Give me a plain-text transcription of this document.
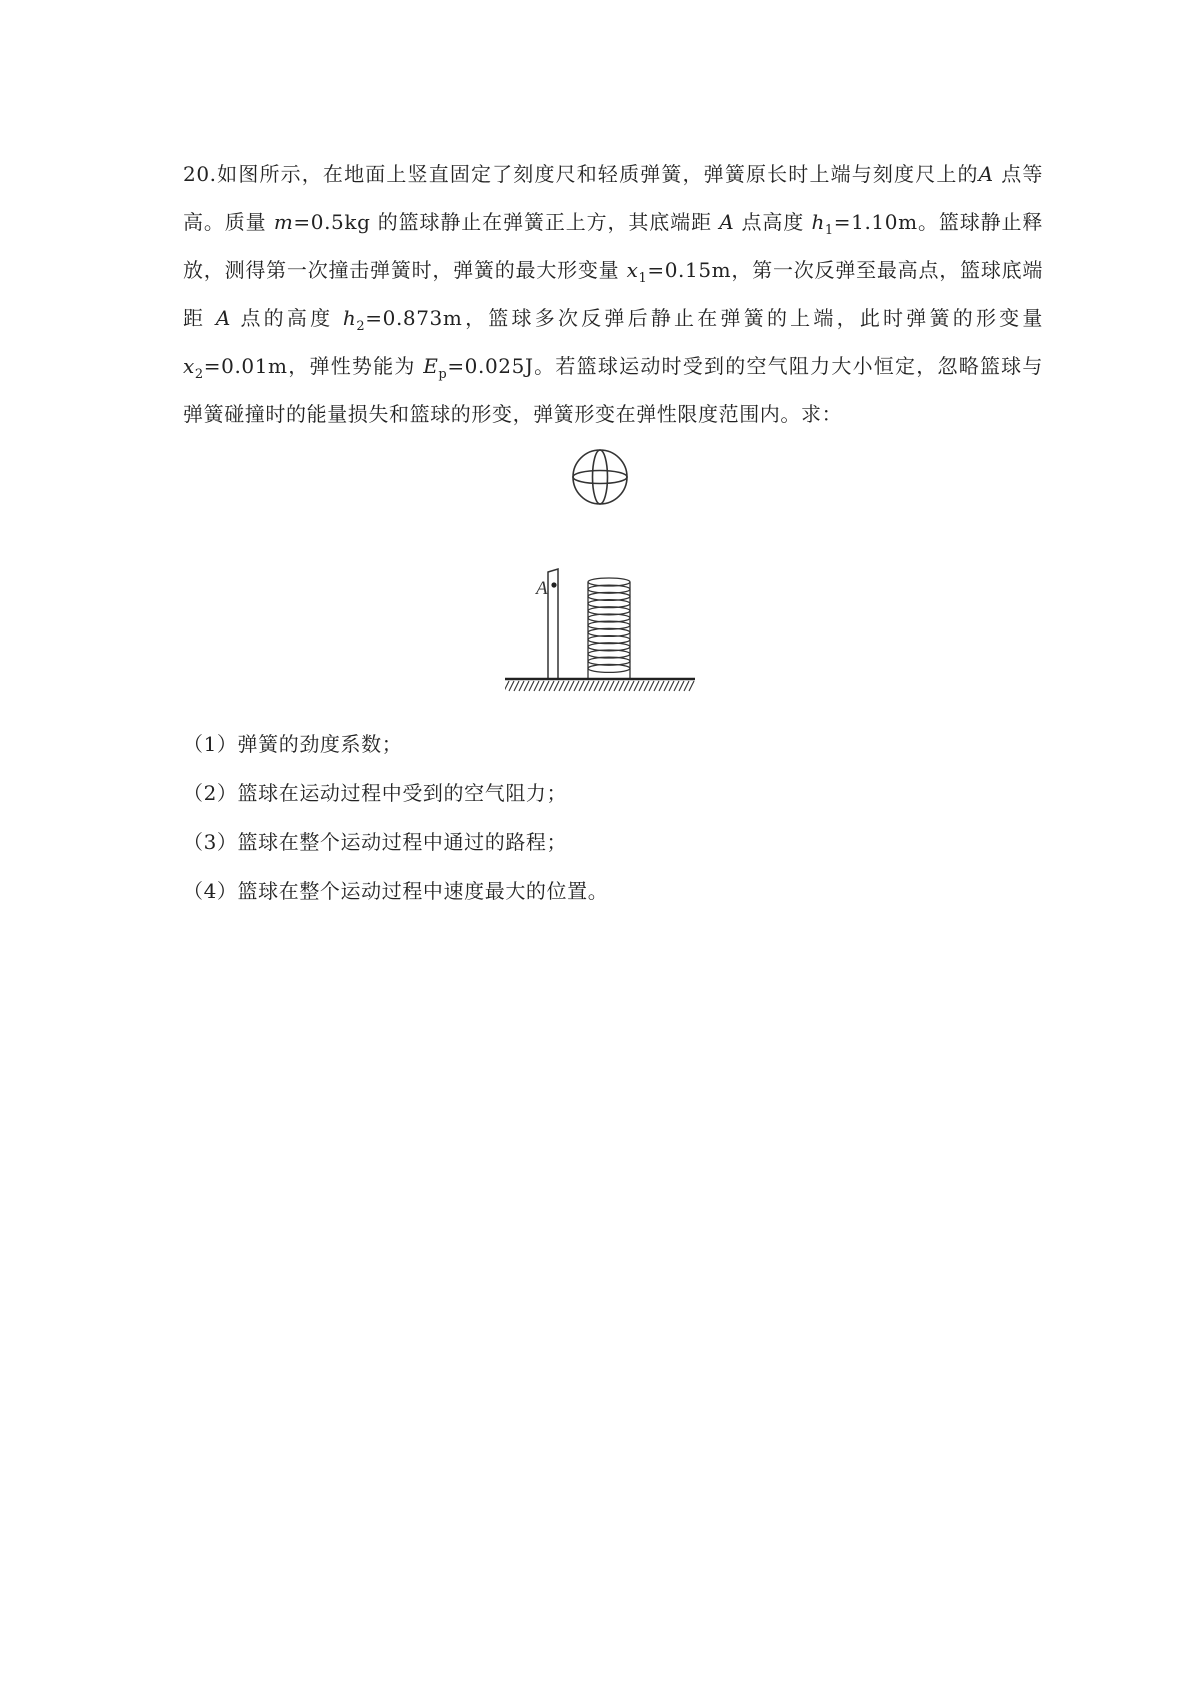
20.如图所示，在地面上竖直固定了刻度尺和轻质弹簧，弹簧原长时上端与刻度尺上的A 点等高。质量 m=0.5kg 的篮球静止在弹簧正上方，其底端距 A 点高度 $h_1=1.10m$。篮球静止释放，测得第一次撞击弹簧时，弹簧的最大形变量 $x_1=0.15m$，第一次反弹至最高点，篮球底端距 A 点的高度 $h_2=0.873m$，篮球多次反弹后静止在弹簧的上端，此时弹簧的形变量 $x_2=0.01m$，弹性势能为 $E_p=0.025J$。若篮球运动时受到的空气阻力大小恒定，忽略篮球与弹簧碰撞时的能量损失和篮球的形变，弹簧形变在弹性限度范围内。求：

A
（1）弹簧的劲度系数；
（2）篮球在运动过程中受到的空气阻力；
（3）篮球在整个运动过程中通过的路程；
（4）篮球在整个运动过程中速度最大的位置。
